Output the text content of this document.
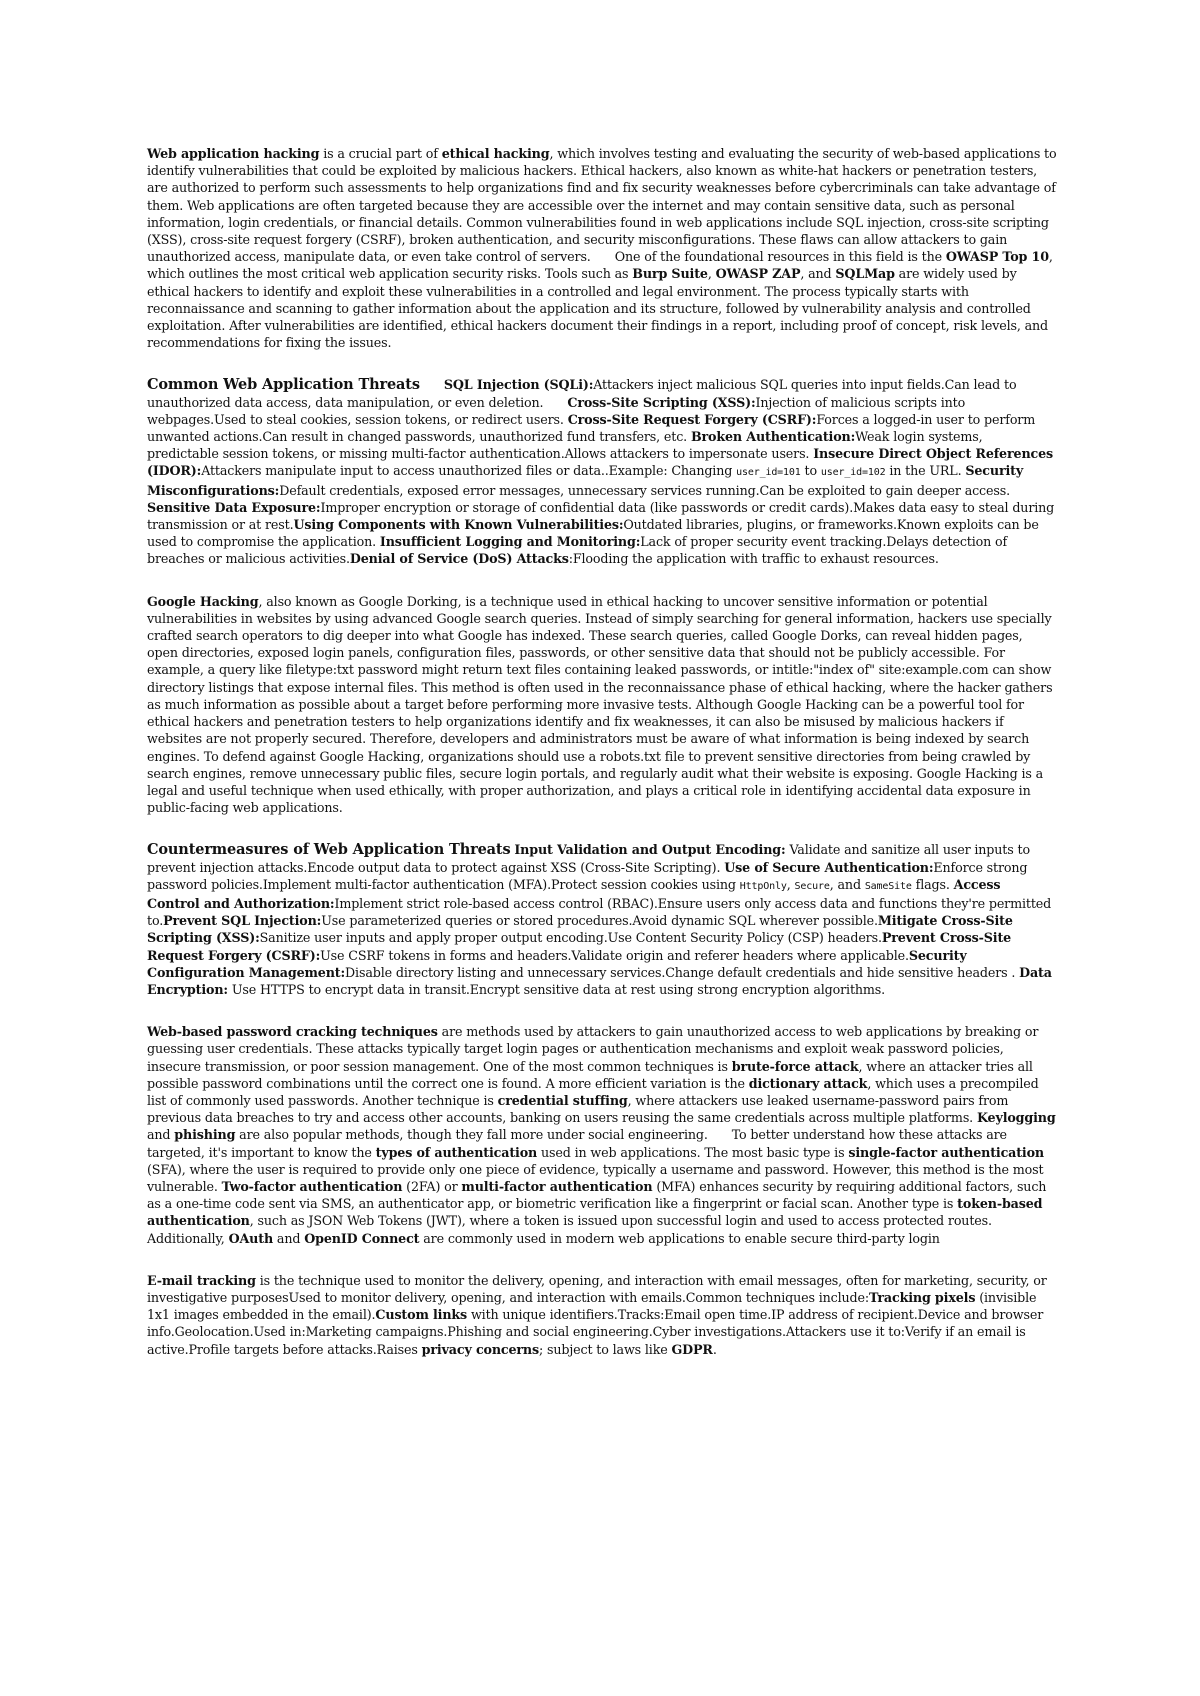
Web application hacking is a crucial part of ethical hacking, which involves testing and evaluating the security of web-based applications to identify vulnerabilities that could be exploited by malicious hackers. Ethical hackers, also known as white-hat hackers or penetration testers, are authorized to perform such assessments to help organizations find and fix security weaknesses before cybercriminals can take advantage of them. Web applications are often targeted because they are accessible over the internet and may contain sensitive data, such as personal information, login credentials, or financial details. Common vulnerabilities found in web applications include SQL injection, cross-site scripting (XSS), cross-site request forgery (CSRF), broken authentication, and security misconfigurations. These flaws can allow attackers to gain unauthorized access, manipulate data, or even take control of servers. One of the foundational resources in this field is the OWASP Top 10, which outlines the most critical web application security risks. Tools such as Burp Suite, OWASP ZAP, and SQLMap are widely used by ethical hackers to identify and exploit these vulnerabilities in a controlled and legal environment. The process typically starts with reconnaissance and scanning to gather information about the application and its structure, followed by vulnerability analysis and controlled exploitation. After vulnerabilities are identified, ethical hackers document their findings in a report, including proof of concept, risk levels, and recommendations for fixing the issues.

Common Web Application Threats SQL Injection (SQLi):Attackers inject malicious SQL queries into input fields.Can lead to unauthorized data access, data manipulation, or even deletion. Cross-Site Scripting (XSS):Injection of malicious scripts into webpages.Used to steal cookies, session tokens, or redirect users. Cross-Site Request Forgery (CSRF):Forces a logged-in user to perform unwanted actions.Can result in changed passwords, unauthorized fund transfers, etc. Broken Authentication:Weak login systems, predictable session tokens, or missing multi-factor authentication.Allows attackers to impersonate users. Insecure Direct Object References (IDOR):Attackers manipulate input to access unauthorized files or data..Example: Changing user_id=101 to user_id=102 in the URL. Security Misconfigurations:Default credentials, exposed error messages, unnecessary services running.Can be exploited to gain deeper access. Sensitive Data Exposure:Improper encryption or storage of confidential data (like passwords or credit cards).Makes data easy to steal during transmission or at rest.Using Components with Known Vulnerabilities:Outdated libraries, plugins, or frameworks.Known exploits can be used to compromise the application. Insufficient Logging and Monitoring:Lack of proper security event tracking.Delays detection of breaches or malicious activities.Denial of Service (DoS) Attacks:Flooding the application with traffic to exhaust resources.

Google Hacking, also known as Google Dorking, is a technique used in ethical hacking to uncover sensitive information or potential vulnerabilities in websites by using advanced Google search queries. Instead of simply searching for general information, hackers use specially crafted search operators to dig deeper into what Google has indexed. These search queries, called Google Dorks, can reveal hidden pages, open directories, exposed login panels, configuration files, passwords, or other sensitive data that should not be publicly accessible. For example, a query like filetype:txt password might return text files containing leaked passwords, or intitle:"index of" site:example.com can show directory listings that expose internal files. This method is often used in the reconnaissance phase of ethical hacking, where the hacker gathers as much information as possible about a target before performing more invasive tests. Although Google Hacking can be a powerful tool for ethical hackers and penetration testers to help organizations identify and fix weaknesses, it can also be misused by malicious hackers if websites are not properly secured. Therefore, developers and administrators must be aware of what information is being indexed by search engines. To defend against Google Hacking, organizations should use a robots.txt file to prevent sensitive directories from being crawled by search engines, remove unnecessary public files, secure login portals, and regularly audit what their website is exposing. Google Hacking is a legal and useful technique when used ethically, with proper authorization, and plays a critical role in identifying accidental data exposure in public-facing web applications.

Countermeasures of Web Application Threats Input Validation and Output Encoding: Validate and sanitize all user inputs to prevent injection attacks.Encode output data to protect against XSS (Cross-Site Scripting). Use of Secure Authentication:Enforce strong password policies.Implement multi-factor authentication (MFA).Protect session cookies using HttpOnly, Secure, and SameSite flags. Access Control and Authorization:Implement strict role-based access control (RBAC).Ensure users only access data and functions they're permitted to.Prevent SQL Injection:Use parameterized queries or stored procedures.Avoid dynamic SQL wherever possible.Mitigate Cross-Site Scripting (XSS):Sanitize user inputs and apply proper output encoding.Use Content Security Policy (CSP) headers.Prevent Cross-Site Request Forgery (CSRF):Use CSRF tokens in forms and headers.Validate origin and referer headers where applicable.Security Configuration Management:Disable directory listing and unnecessary services.Change default credentials and hide sensitive headers . Data Encryption: Use HTTPS to encrypt data in transit.Encrypt sensitive data at rest using strong encryption algorithms.

Web-based password cracking techniques are methods used by attackers to gain unauthorized access to web applications by breaking or guessing user credentials. These attacks typically target login pages or authentication mechanisms and exploit weak password policies, insecure transmission, or poor session management. One of the most common techniques is brute-force attack, where an attacker tries all possible password combinations until the correct one is found. A more efficient variation is the dictionary attack, which uses a precompiled list of commonly used passwords. Another technique is credential stuffing, where attackers use leaked username-password pairs from previous data breaches to try and access other accounts, banking on users reusing the same credentials across multiple platforms. Keylogging and phishing are also popular methods, though they fall more under social engineering. To better understand how these attacks are targeted, it's important to know the types of authentication used in web applications. The most basic type is single-factor authentication (SFA), where the user is required to provide only one piece of evidence, typically a username and password. However, this method is the most vulnerable. Two-factor authentication (2FA) or multi-factor authentication (MFA) enhances security by requiring additional factors, such as a one-time code sent via SMS, an authenticator app, or biometric verification like a fingerprint or facial scan. Another type is token-based authentication, such as JSON Web Tokens (JWT), where a token is issued upon successful login and used to access protected routes. Additionally, OAuth and OpenID Connect are commonly used in modern web applications to enable secure third-party login

E-mail tracking is the technique used to monitor the delivery, opening, and interaction with email messages, often for marketing, security, or investigative purposesUsed to monitor delivery, opening, and interaction with emails.Common techniques include:Tracking pixels (invisible 1x1 images embedded in the email).Custom links with unique identifiers.Tracks:Email open time.IP address of recipient.Device and browser info.Geolocation.Used in:Marketing campaigns.Phishing and social engineering.Cyber investigations.Attackers use it to:Verify if an email is active.Profile targets before attacks.Raises privacy concerns; subject to laws like GDPR.
